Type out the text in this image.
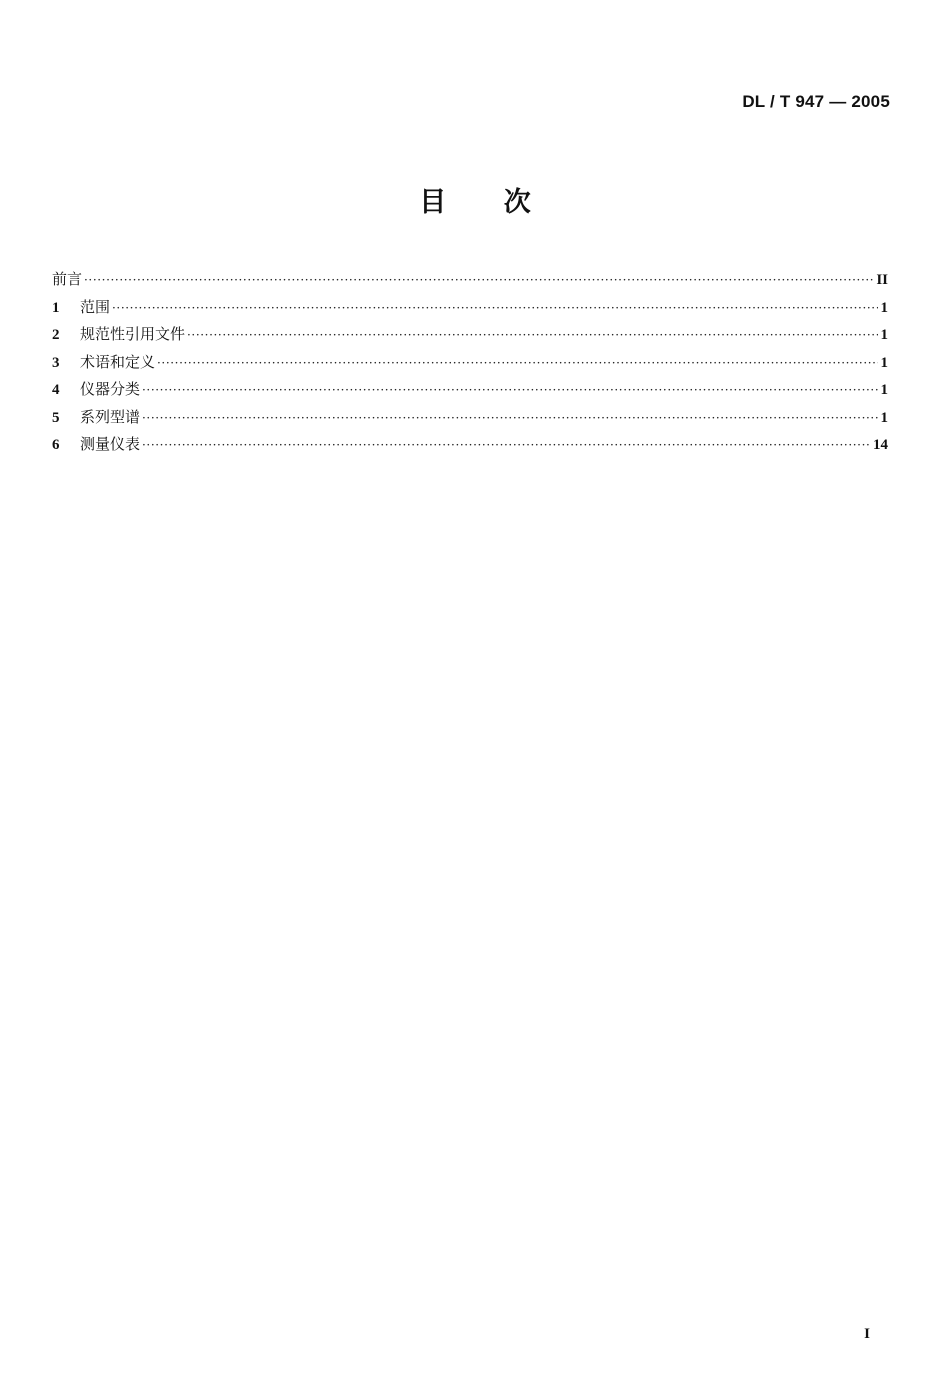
DL / T 947 — 2005
目 次
前言 ·····	II
1	范围 ·····	1
2	规范性引用文件 ·····	1
3	术语和定义 ·····	1
4	仪器分类 ·····	1
5	系列型谱 ·····	1
6	测量仪表 ·····	14
I
